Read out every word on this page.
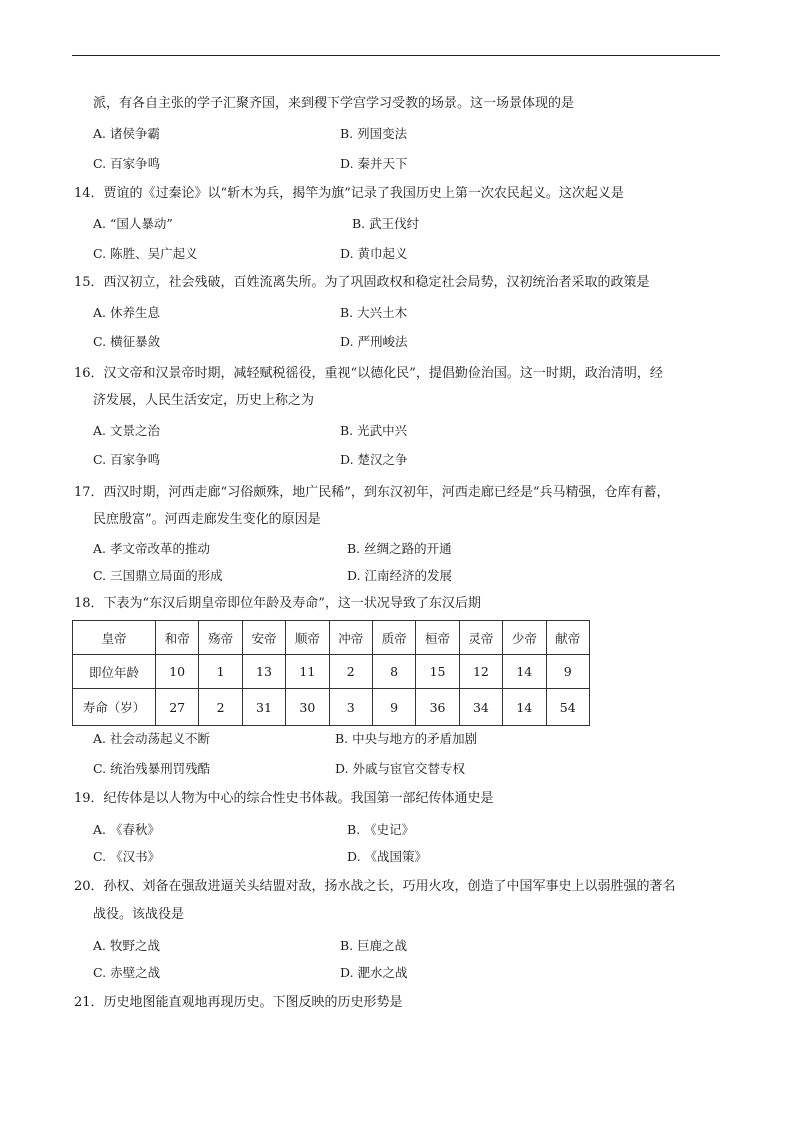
派，有各自主张的学子汇聚齐国，来到稷下学宫学习受教的场景。这一场景体现的是
A. 诸侯争霸	B. 列国变法
C. 百家争鸣	D. 秦并天下
14．贾谊的《过秦论》以“斩木为兵，揭竿为旗”记录了我国历史上第一次农民起义。这次起义是
A. “国人暴动”	B. 武王伐纣
C. 陈胜、吴广起义	D. 黄巾起义
15．西汉初立，社会残破，百姓流离失所。为了巩固政权和稳定社会局势，汉初统治者采取的政策是
A. 休养生息	B. 大兴土木
C. 横征暴敛	D. 严刑峻法
16．汉文帝和汉景帝时期，减轻赋税徭役，重视“以德化民”，提倡勤俭治国。这一时期，政治清明，经
济发展，人民生活安定，历史上称之为
A. 文景之治	B. 光武中兴
C. 百家争鸣	D. 楚汉之争
17．西汉时期，河西走廊“习俗颇殊，地广民稀”，到东汉初年，河西走廊已经是“兵马精强，仓库有蓄，
民庶殷富”。河西走廊发生变化的原因是
A. 孝文帝改革的推动	B. 丝绸之路的开通
C. 三国鼎立局面的形成	D. 江南经济的发展
18．下表为“东汉后期皇帝即位年龄及寿命”，这一状况导致了东汉后期
皇帝	和帝	殇帝	安帝	顺帝	冲帝	质帝	桓帝	灵帝	少帝	献帝
即位年龄	10	1	13	11	2	8	15	12	14	9
寿命（岁）	27	2	31	30	3	9	36	34	14	54
A. 社会动荡起义不断	B. 中央与地方的矛盾加剧
C. 统治残暴刑罚残酷	D. 外戚与宦官交替专权
19．纪传体是以人物为中心的综合性史书体裁。我国第一部纪传体通史是
A. 《春秋》	B. 《史记》
C. 《汉书》	D. 《战国策》
20．孙权、刘备在强敌进逼关头结盟对敌，扬水战之长，巧用火攻，创造了中国军事史上以弱胜强的著名
战役。该战役是
A. 牧野之战	B. 巨鹿之战
C. 赤壁之战	D. 淝水之战
21．历史地图能直观地再现历史。下图反映的历史形势是
